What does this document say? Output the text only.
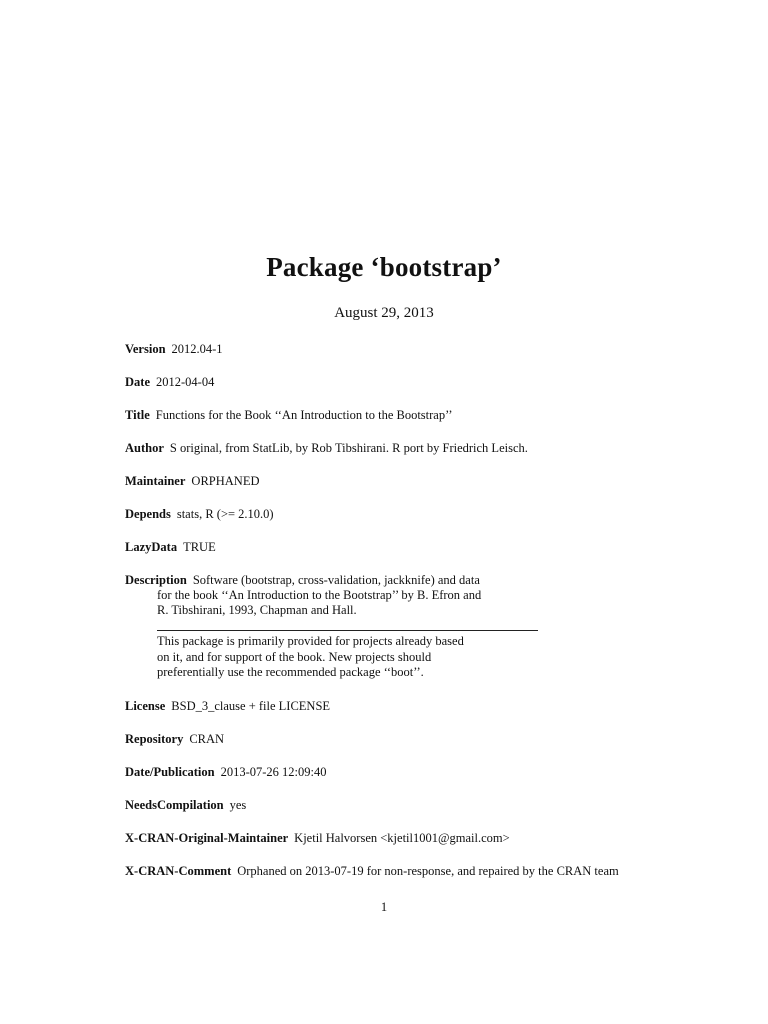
Package ‘bootstrap’
August 29, 2013
Version 2012.04-1
Date 2012-04-04
Title Functions for the Book ‘‘An Introduction to the Bootstrap’’
Author S original, from StatLib, by Rob Tibshirani. R port by Friedrich Leisch.
Maintainer ORPHANED
Depends stats, R (>= 2.10.0)
LazyData TRUE
Description Software (bootstrap, cross-validation, jackknife) and data
for the book ‘‘An Introduction to the Bootstrap’’ by B. Efron and
R. Tibshirani, 1993, Chapman and Hall.
This package is primarily provided for projects already based
on it, and for support of the book. New projects should
preferentially use the recommended package ‘‘boot’’.
License BSD_3_clause + file LICENSE
Repository CRAN
Date/Publication 2013-07-26 12:09:40
NeedsCompilation yes
X-CRAN-Original-Maintainer Kjetil Halvorsen <kjetil1001@gmail.com>
X-CRAN-Comment Orphaned on 2013-07-19 for non-response, and repaired by the CRAN team
1
